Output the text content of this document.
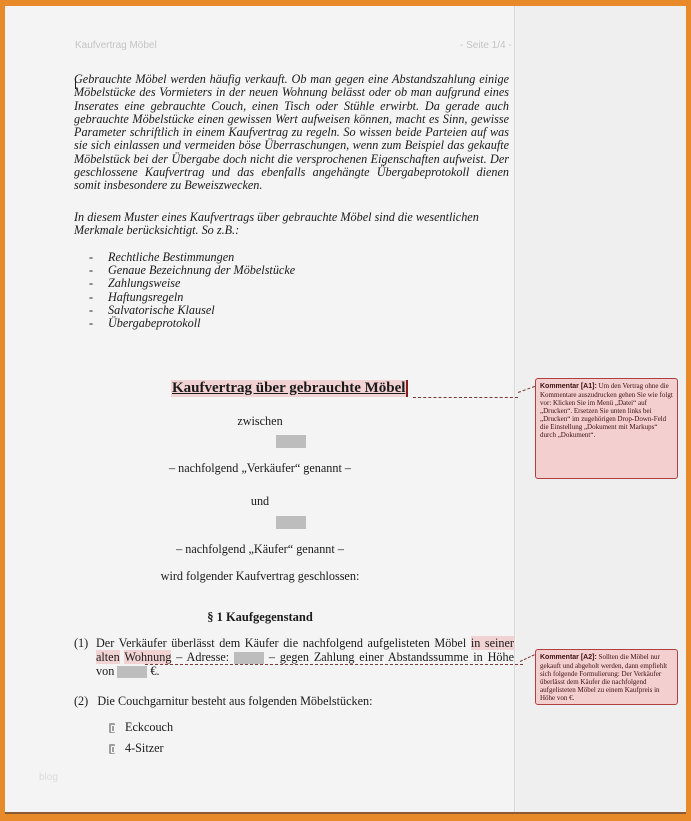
Kaufvertrag Möbel	- Seite 1/4 -

Gebrauchte Möbel werden häufig verkauft. Ob man gegen eine Abstandszahlung einige Möbelstücke des Vormieters in der neuen Wohnung belässt oder ob man aufgrund eines Inserates eine gebrauchte Couch, einen Tisch oder Stühle erwirbt. Da gerade auch gebrauchte Möbelstücke einen gewissen Wert aufweisen können, macht es Sinn, gewisse Parameter schriftlich in einem Kaufvertrag zu regeln. So wissen beide Parteien auf was sie sich einlassen und vermeiden böse Überraschungen, wenn zum Beispiel das gekaufte Möbelstück bei der Übergabe doch nicht die versprochenen Eigenschaften aufweist. Der geschlossene Kaufvertrag und das ebenfalls angehängte Übergabeprotokoll dienen somit insbesondere zu Beweiszwecken.

In diesem Muster eines Kaufvertrags über gebrauchte Möbel sind die wesentlichen Merkmale berücksichtigt. So z.B.:

-	Rechtliche Bestimmungen
-	Genaue Bezeichnung der Möbelstücke
-	Zahlungsweise
-	Haftungsregeln
-	Salvatorische Klausel
-	Übergabeprotokoll
Kaufvertrag über gebrauchte Möbel
zwischen
– nachfolgend „Verkäufer“ genannt –
und
– nachfolgend „Käufer“ genannt –
wird folgender Kaufvertrag geschlossen:
§ 1 Kaufgegenstand
(1) Der Verkäufer überlässt dem Käufer die nachfolgend aufgelisteten Möbel in seiner alten Wohnung – Adresse:  – gegen Zahlung einer Abstandssumme in Höhe von  €.
(2) Die Couchgarnitur besteht aus folgenden Möbelstücken:
Eckcouch
4-Sitzer
blog
Kommentar [A1]: Um den Vertrag ohne die Kommentare auszudrucken gehen Sie wie folgt vor: Klicken Sie im Menü „Datei“ auf „Drucken“. Ersetzen Sie unten links bei „Drucken“ im zugehörigen Drop-Down-Feld die Einstellung „Dokument mit Markups“ durch „Dokument“.
Kommentar [A2]: Sollten die Möbel nur gekauft und abgeholt werden, dann empfiehlt sich folgende Formulierung: Der Verkäufer überlässt dem Käufer die nachfolgend aufgelisteten Möbel zu einem Kaufpreis in Höhe von €.
